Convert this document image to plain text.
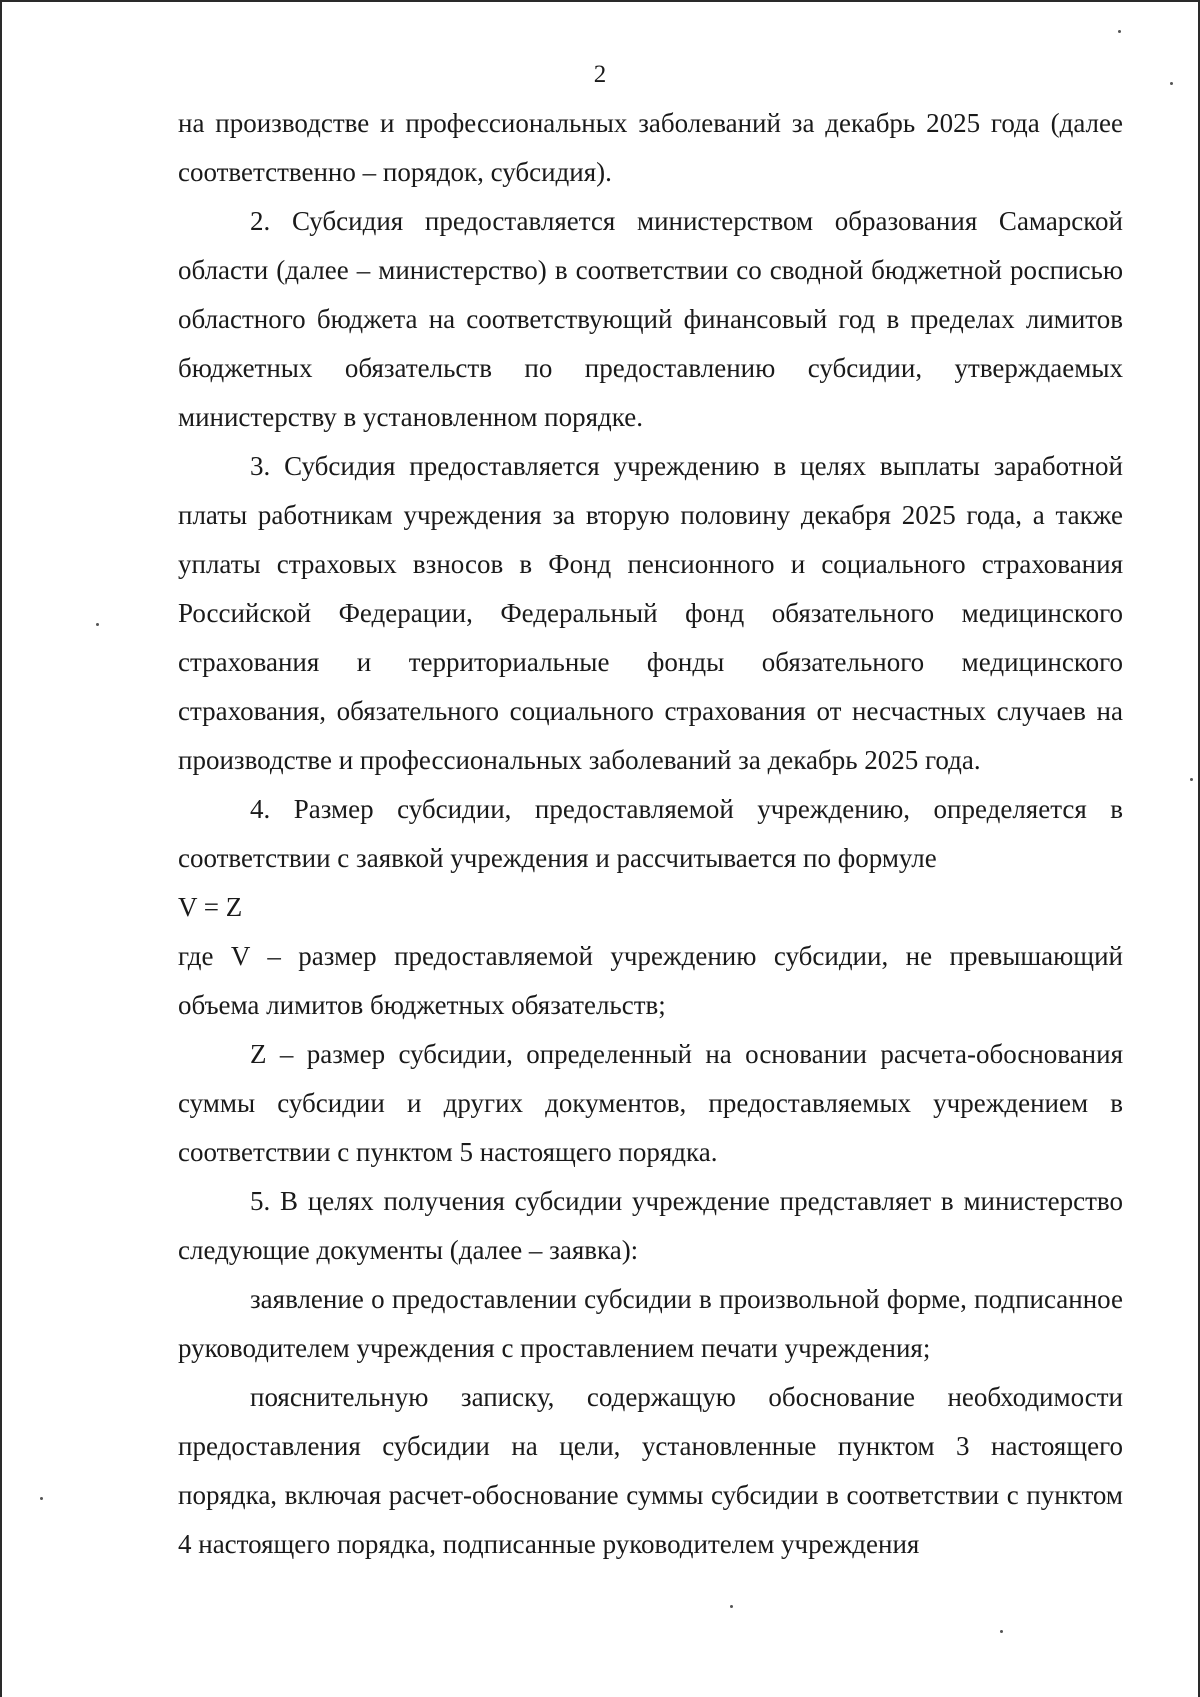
2

на производстве и профессиональных заболеваний за декабрь 2025 года (далее соответственно – порядок, субсидия).

2. Субсидия предоставляется министерством образования Самарской области (далее – министерство) в соответствии со сводной бюджетной росписью областного бюджета на соответствующий финансовый год в пределах лимитов бюджетных обязательств по предоставлению субсидии, утверждаемых министерству в установленном порядке.

3. Субсидия предоставляется учреждению в целях выплаты заработной платы работникам учреждения за вторую половину декабря 2025 года, а также уплаты страховых взносов в Фонд пенсионного и социального страхования Российской Федерации, Федеральный фонд обязательного медицинского страхования и территориальные фонды обязательного медицинского страхования, обязательного социального страхования от несчастных случаев на производстве и профессиональных заболеваний за декабрь 2025 года.

4. Размер субсидии, предоставляемой учреждению, определяется в соответствии с заявкой учреждения и рассчитывается по формуле

V = Z

где V – размер предоставляемой учреждению субсидии, не превышающий объема лимитов бюджетных обязательств;

Z – размер субсидии, определенный на основании расчета-обоснования суммы субсидии и других документов, предоставляемых учреждением в соответствии с пунктом 5 настоящего порядка.

5. В целях получения субсидии учреждение представляет в министерство следующие документы (далее – заявка):

заявление о предоставлении субсидии в произвольной форме, подписанное руководителем учреждения с проставлением печати учреждения;

пояснительную записку, содержащую обоснование необходимости предоставления субсидии на цели, установленные пунктом 3 настоящего порядка, включая расчет-обоснование суммы субсидии в соответствии с пунктом 4 настоящего порядка, подписанные руководителем учреждения
